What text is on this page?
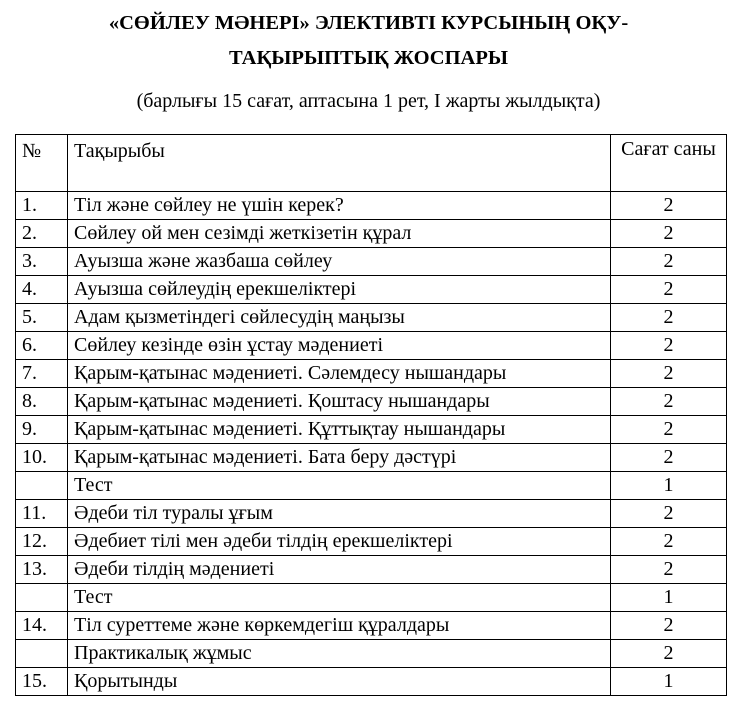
«СӨЙЛЕУ МӘНЕРІ» ЭЛЕКТИВТІ КУРСЫНЫҢ ОҚУ-
ТАҚЫРЫПТЫҚ ЖОСПАРЫ

(барлығы 15 сағат, аптасына 1 рет, І жарты жылдықта)

№	Тақырыбы	Сағат саны
1.	Тіл және сөйлеу не үшін керек?	2
2.	Сөйлеу ой мен сезімді жеткізетін құрал	2
3.	Ауызша және жазбаша сөйлеу	2
4.	Ауызша сөйлеудің ерекшеліктері	2
5.	Адам қызметіндегі сөйлесудің маңызы	2
6.	Сөйлеу кезінде өзін ұстау мәдениеті	2
7.	Қарым-қатынас мәдениеті. Сәлемдесу нышандары	2
8.	Қарым-қатынас мәдениеті. Қоштасу нышандары	2
9.	Қарым-қатынас мәдениеті. Құттықтау нышандары	2
10.	Қарым-қатынас мәдениеті. Бата беру дәстүрі	2
	Тест	1
11.	Әдеби тіл туралы ұғым	2
12.	Әдебиет тілі мен әдеби тілдің ерекшеліктері	2
13.	Әдеби тілдің мәдениеті	2
	Тест	1
14.	Тіл суреттеме және көркемдегіш құралдары	2
	Практикалық жұмыс	2
15.	Қорытынды	1
